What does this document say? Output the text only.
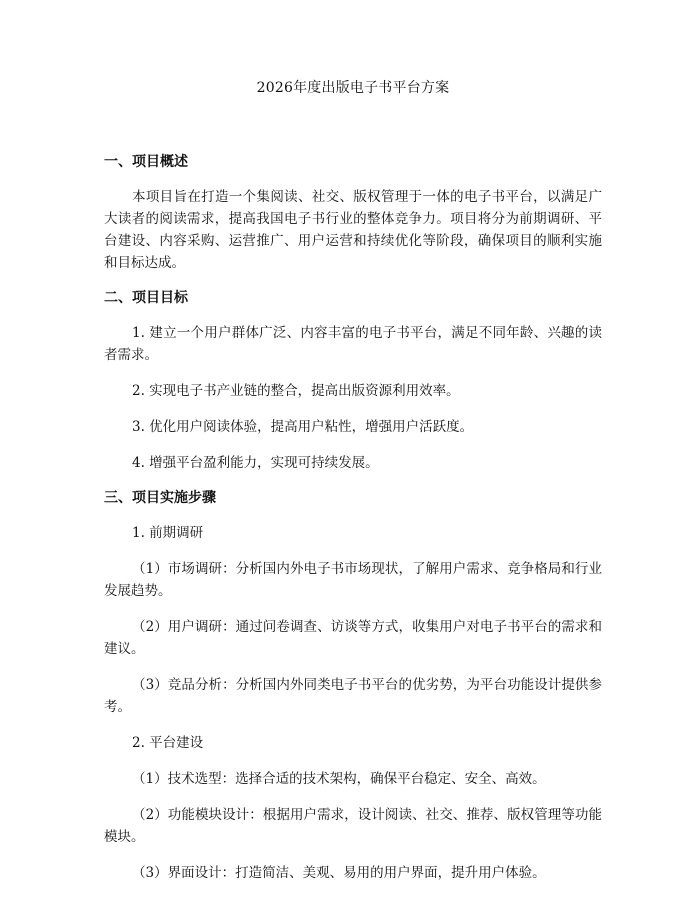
2026年度出版电子书平台方案
一、项目概述

本项目旨在打造一个集阅读、社交、版权管理于一体的电子书平台，以满足广大读者的阅读需求，提高我国电子书行业的整体竞争力。项目将分为前期调研、平台建设、内容采购、运营推广、用户运营和持续优化等阶段，确保项目的顺利实施和目标达成。

二、项目目标

1. 建立一个用户群体广泛、内容丰富的电子书平台，满足不同年龄、兴趣的读者需求。

2. 实现电子书产业链的整合，提高出版资源利用效率。

3. 优化用户阅读体验，提高用户粘性，增强用户活跃度。

4. 增强平台盈利能力，实现可持续发展。

三、项目实施步骤

1. 前期调研

（1）市场调研：分析国内外电子书市场现状，了解用户需求、竞争格局和行业发展趋势。

（2）用户调研：通过问卷调查、访谈等方式，收集用户对电子书平台的需求和建议。

（3）竞品分析：分析国内外同类电子书平台的优劣势，为平台功能设计提供参考。

2. 平台建设

（1）技术选型：选择合适的技术架构，确保平台稳定、安全、高效。

（2）功能模块设计：根据用户需求，设计阅读、社交、推荐、版权管理等功能模块。

（3）界面设计：打造简洁、美观、易用的用户界面，提升用户体验。
